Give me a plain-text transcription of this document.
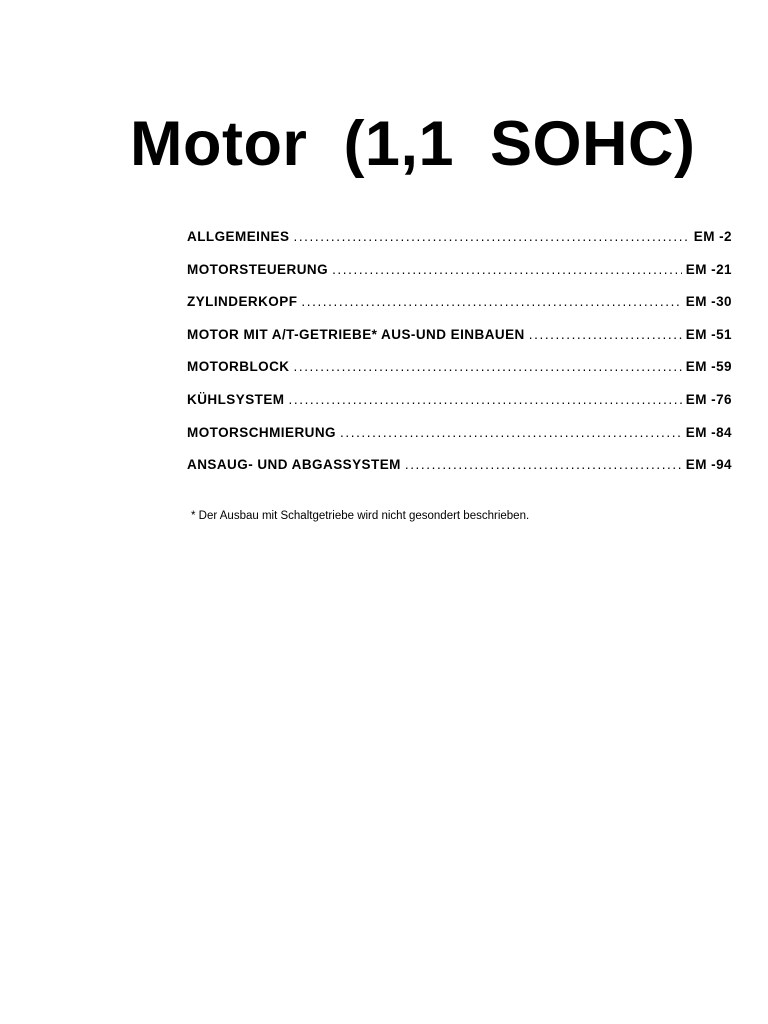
Motor  (1,1  SOHC)
ALLGEMEINES .....	EM -2
MOTORSTEUERUNG .....	EM -21
ZYLINDERKOPF .....	EM -30
MOTOR MIT A/T-GETRIEBE* AUS-UND EINBAUEN .....	EM -51
MOTORBLOCK .....	EM -59
KÜHLSYSTEM .....	EM -76
MOTORSCHMIERUNG .....	EM -84
ANSAUG- UND ABGASSYSTEM .....	EM -94

* Der Ausbau mit Schaltgetriebe wird nicht gesondert beschrieben.
